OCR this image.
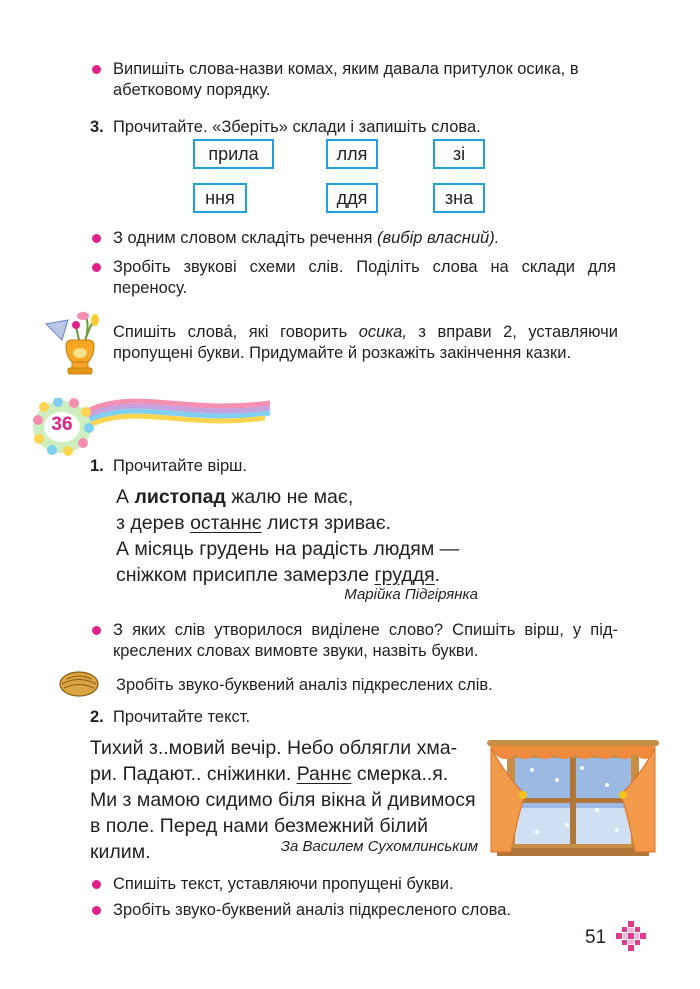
Випишіть слова-назви комах, яким давала притулок осика, в абетковому порядку.
3. Прочитайте. «Зберіть» склади і запишіть слова.
прила	лля	зі
ння	ддя	зна
З одним словом складіть речення (вибір власний).
Зробіть звукові схеми слів. Поділіть слова на склади для переносу.
Спишіть слова́, які говорить осика, з вправи 2, уставляючи пропущені букви. Придумайте й розкажіть закінчення казки.
36
1. Прочитайте вірш.
А листопад жалю не має,
з дерев останнє листя зриває.
А місяць грудень на радість людям —
сніжком присипле замерзле груддя.
Марійка Підгірянка
З яких слів утворилося виділене слово? Спишіть вірш, у підкреслених словах вимовте звуки, назвіть букви.
Зробіть звуко-буквений аналіз підкреслених слів.
2. Прочитайте текст.
Тихий з..мовий вечір. Небо облягли хма-
ри. Падают.. сніжинки. Раннє смерка..я.
Ми з мамою сидимо біля вікна й дивимося
в поле. Перед нами безмежний білий килим.	За Василем Сухомлинським
Спишіть текст, уставляючи пропущені букви.
Зробіть звуко-буквений аналіз підкресленого слова.
51
